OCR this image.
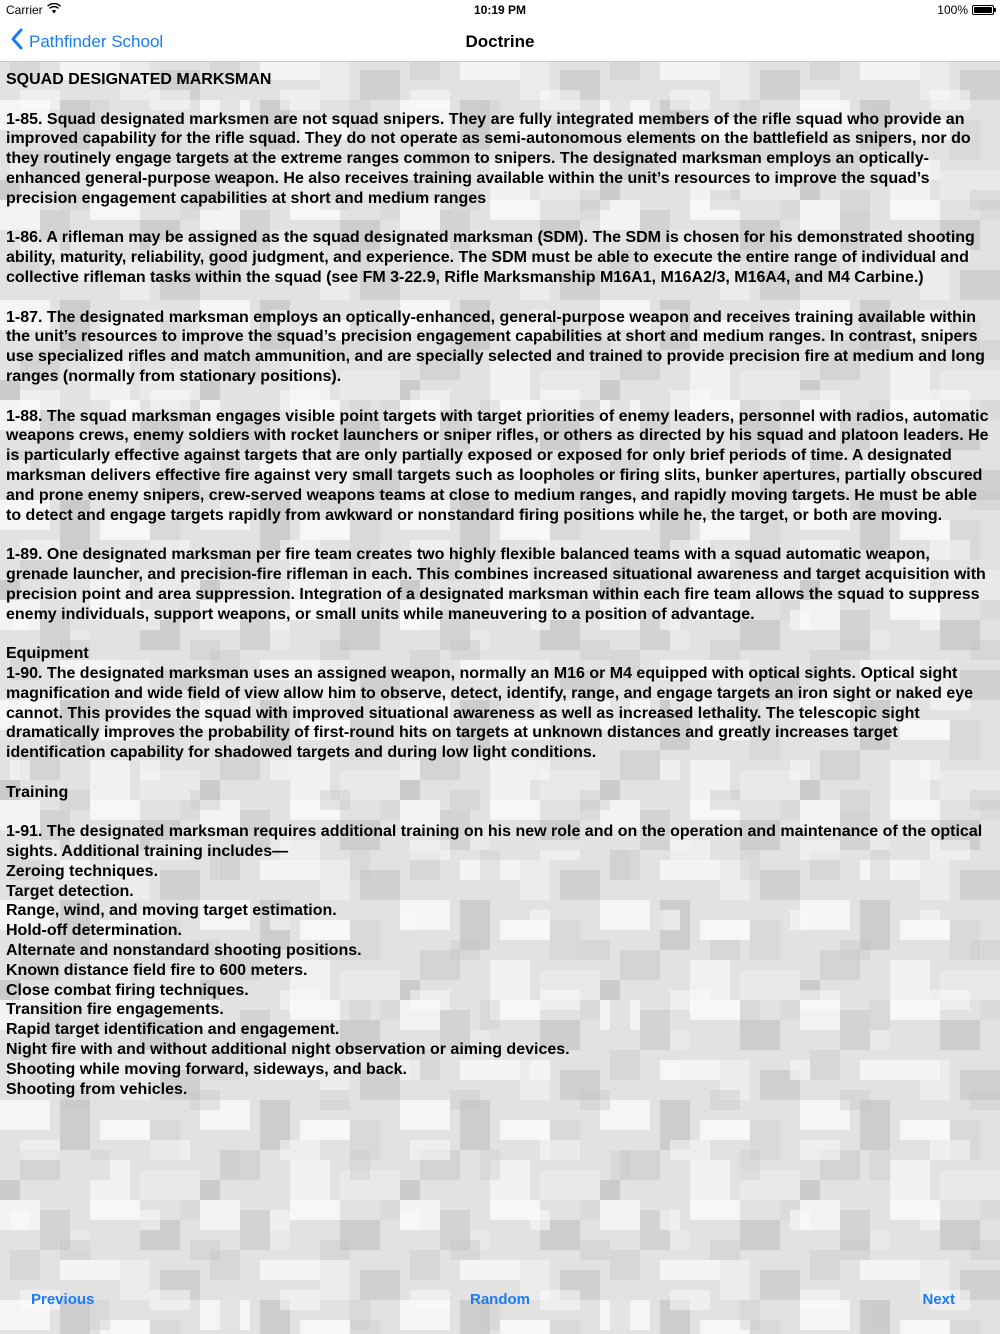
Carrier	10:19 PM	100%
Pathfinder School	Doctrine

SQUAD DESIGNATED MARKSMAN

1-85. Squad designated marksmen are not squad snipers. They are fully integrated members of the rifle squad who provide an improved capability for the rifle squad. They do not operate as semi-autonomous elements on the battlefield as snipers, nor do they routinely engage targets at the extreme ranges common to snipers. The designated marksman employs an optically-enhanced general-purpose weapon. He also receives training available within the unit’s resources to improve the squad’s precision engagement capabilities at short and medium ranges

1-86. A rifleman may be assigned as the squad designated marksman (SDM). The SDM is chosen for his demonstrated shooting ability, maturity, reliability, good judgment, and experience. The SDM must be able to execute the entire range of individual and collective rifleman tasks within the squad (see FM 3-22.9, Rifle Marksmanship M16A1, M16A2/3, M16A4, and M4 Carbine.)

1-87. The designated marksman employs an optically-enhanced, general-purpose weapon and receives training available within the unit’s resources to improve the squad’s precision engagement capabilities at short and medium ranges. In contrast, snipers use specialized rifles and match ammunition, and are specially selected and trained to provide precision fire at medium and long ranges (normally from stationary positions).

1-88. The squad marksman engages visible point targets with target priorities of enemy leaders, personnel with radios, automatic weapons crews, enemy soldiers with rocket launchers or sniper rifles, or others as directed by his squad and platoon leaders. He is particularly effective against targets that are only partially exposed or exposed for only brief periods of time. A designated marksman delivers effective fire against very small targets such as loopholes or firing slits, bunker apertures, partially obscured and prone enemy snipers, crew-served weapons teams at close to medium ranges, and rapidly moving targets. He must be able to detect and engage targets rapidly from awkward or nonstandard firing positions while he, the target, or both are moving.

1-89. One designated marksman per fire team creates two highly flexible balanced teams with a squad automatic weapon, grenade launcher, and precision-fire rifleman in each. This combines increased situational awareness and target acquisition with precision point and area suppression. Integration of a designated marksman within each fire team allows the squad to suppress enemy individuals, support weapons, or small units while maneuvering to a position of advantage.

Equipment
1-90. The designated marksman uses an assigned weapon, normally an M16 or M4 equipped with optical sights. Optical sight magnification and wide field of view allow him to observe, detect, identify, range, and engage targets an iron sight or naked eye cannot. This provides the squad with improved situational awareness as well as increased lethality. The telescopic sight dramatically improves the probability of first-round hits on targets at unknown distances and greatly increases target identification capability for shadowed targets and during low light conditions.

Training

1-91. The designated marksman requires additional training on his new role and on the operation and maintenance of the optical sights. Additional training includes—
Zeroing techniques.
Target detection.
Range, wind, and moving target estimation.
Hold-off determination.
Alternate and nonstandard shooting positions.
Known distance field fire to 600 meters.
Close combat firing techniques.
Transition fire engagements.
Rapid target identification and engagement.
Night fire with and without additional night observation or aiming devices.
Shooting while moving forward, sideways, and back.
Shooting from vehicles.
Previous	Random	Next
